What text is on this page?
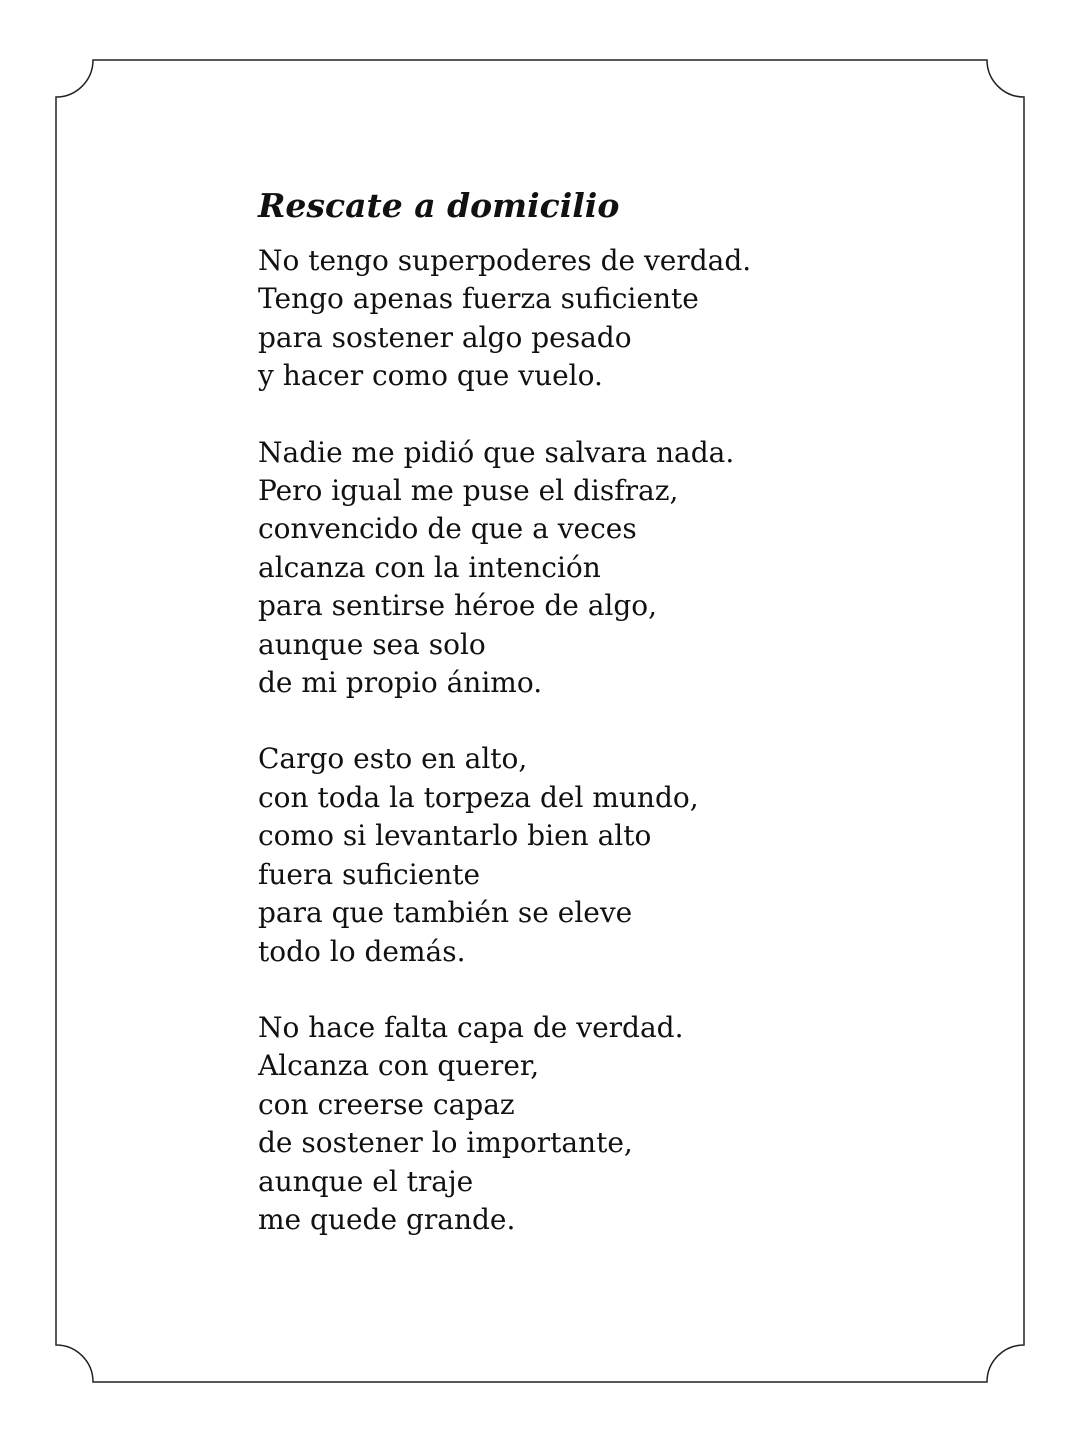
Rescate a domicilio
No tengo superpoderes de verdad.
Tengo apenas fuerza suficiente
para sostener algo pesado
y hacer como que vuelo.
Nadie me pidió que salvara nada.
Pero igual me puse el disfraz,
convencido de que a veces
alcanza con la intención
para sentirse héroe de algo,
aunque sea solo
de mi propio ánimo.
Cargo esto en alto,
con toda la torpeza del mundo,
como si levantarlo bien alto
fuera suficiente
para que también se eleve
todo lo demás.
No hace falta capa de verdad.
Alcanza con querer,
con creerse capaz
de sostener lo importante,
aunque el traje
me quede grande.
